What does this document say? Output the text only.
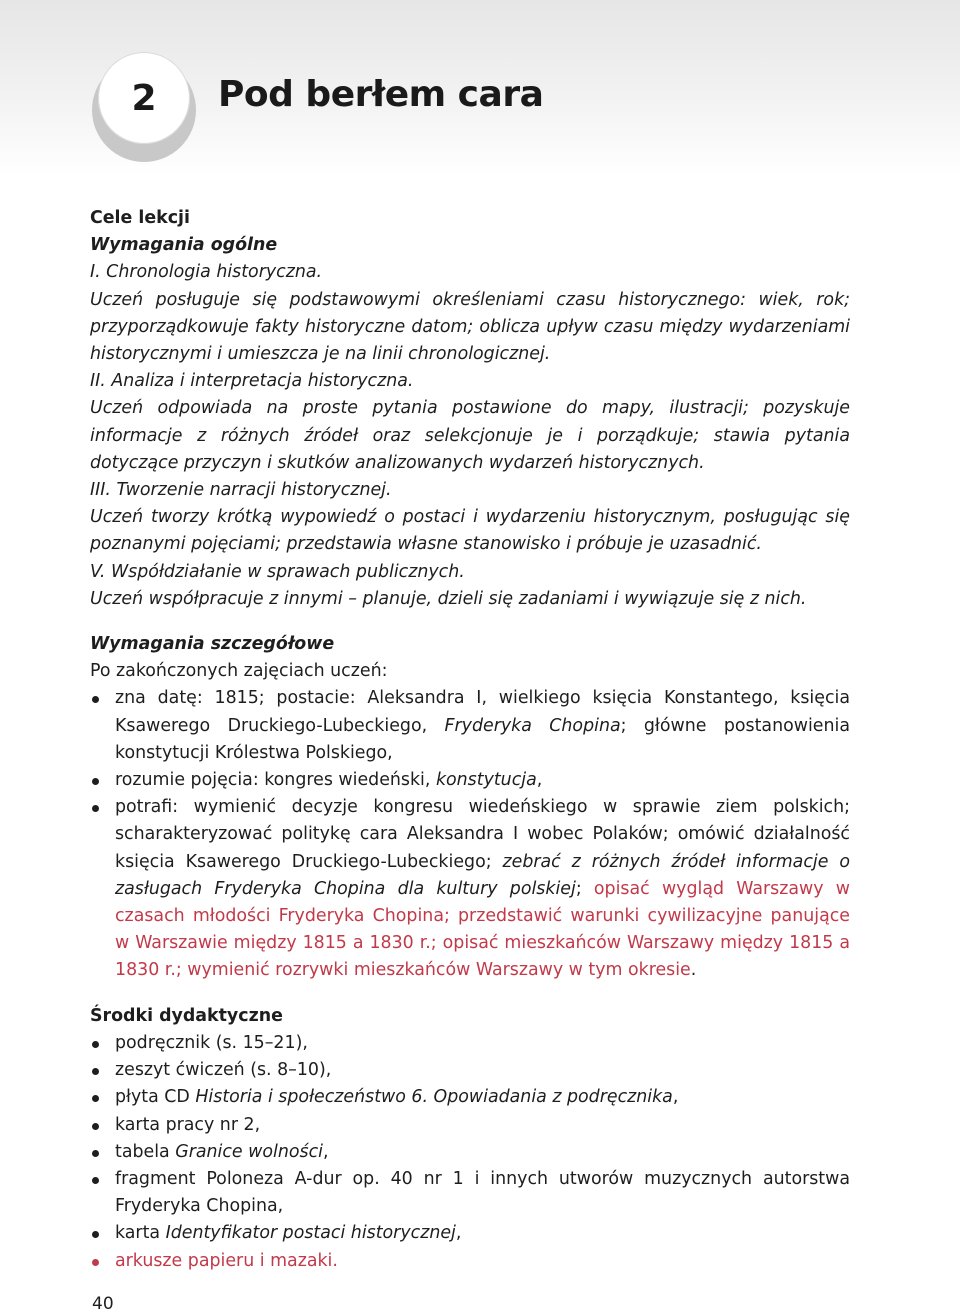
2 Pod berłem cara

Cele lekcji

Wymagania ogólne

I. Chronologia historyczna.

Uczeń posługuje się podstawowymi określeniami czasu historycznego: wiek, rok; przyporządkowuje fakty historyczne datom; oblicza upływ czasu między wydarzeniami historycznymi i umieszcza je na linii chronologicznej.

II. Analiza i interpretacja historyczna.

Uczeń odpowiada na proste pytania postawione do mapy, ilustracji; pozyskuje informacje z różnych źródeł oraz selekcjonuje je i porządkuje; stawia pytania dotyczące przyczyn i skutków analizowanych wydarzeń historycznych.

III. Tworzenie narracji historycznej.

Uczeń tworzy krótką wypowiedź o postaci i wydarzeniu historycznym, posługując się poznanymi pojęciami; przedstawia własne stanowisko i próbuje je uzasadnić.

V. Współdziałanie w sprawach publicznych.

Uczeń współpracuje z innymi – planuje, dzieli się zadaniami i wywiązuje się z nich.

Wymagania szczegółowe

Po zakończonych zajęciach uczeń:

zna datę: 1815; postacie: Aleksandra I, wielkiego księcia Konstantego, księcia Ksawerego Druckiego-Lubeckiego, Fryderyka Chopina; główne postanowienia konstytucji Królestwa Polskiego,
rozumie pojęcia: kongres wiedeński, konstytucja,
potrafi: wymienić decyzje kongresu wiedeńskiego w sprawie ziem polskich; scharakteryzować politykę cara Aleksandra I wobec Polaków; omówić działalność księcia Ksawerego Druckiego-Lubeckiego; zebrać z różnych źródeł informacje o zasługach Fryderyka Chopina dla kultury polskiej; opisać wygląd Warszawy w czasach młodości Fryderyka Chopina; przedstawić warunki cywilizacyjne panujące w Warszawie między 1815 a 1830 r.; opisać mieszkańców Warszawy między 1815 a 1830 r.; wymienić rozrywki mieszkańców Warszawy w tym okresie.

Środki dydaktyczne

podręcznik (s. 15–21),
zeszyt ćwiczeń (s. 8–10),
płyta CD Historia i społeczeństwo 6. Opowiadania z podręcznika,
karta pracy nr 2,
tabela Granice wolności,
fragment Poloneza A-dur op. 40 nr 1 i innych utworów muzycznych autorstwa Fryderyka Chopina,
karta Identyfikator postaci historycznej,
arkusze papieru i mazaki.
40
